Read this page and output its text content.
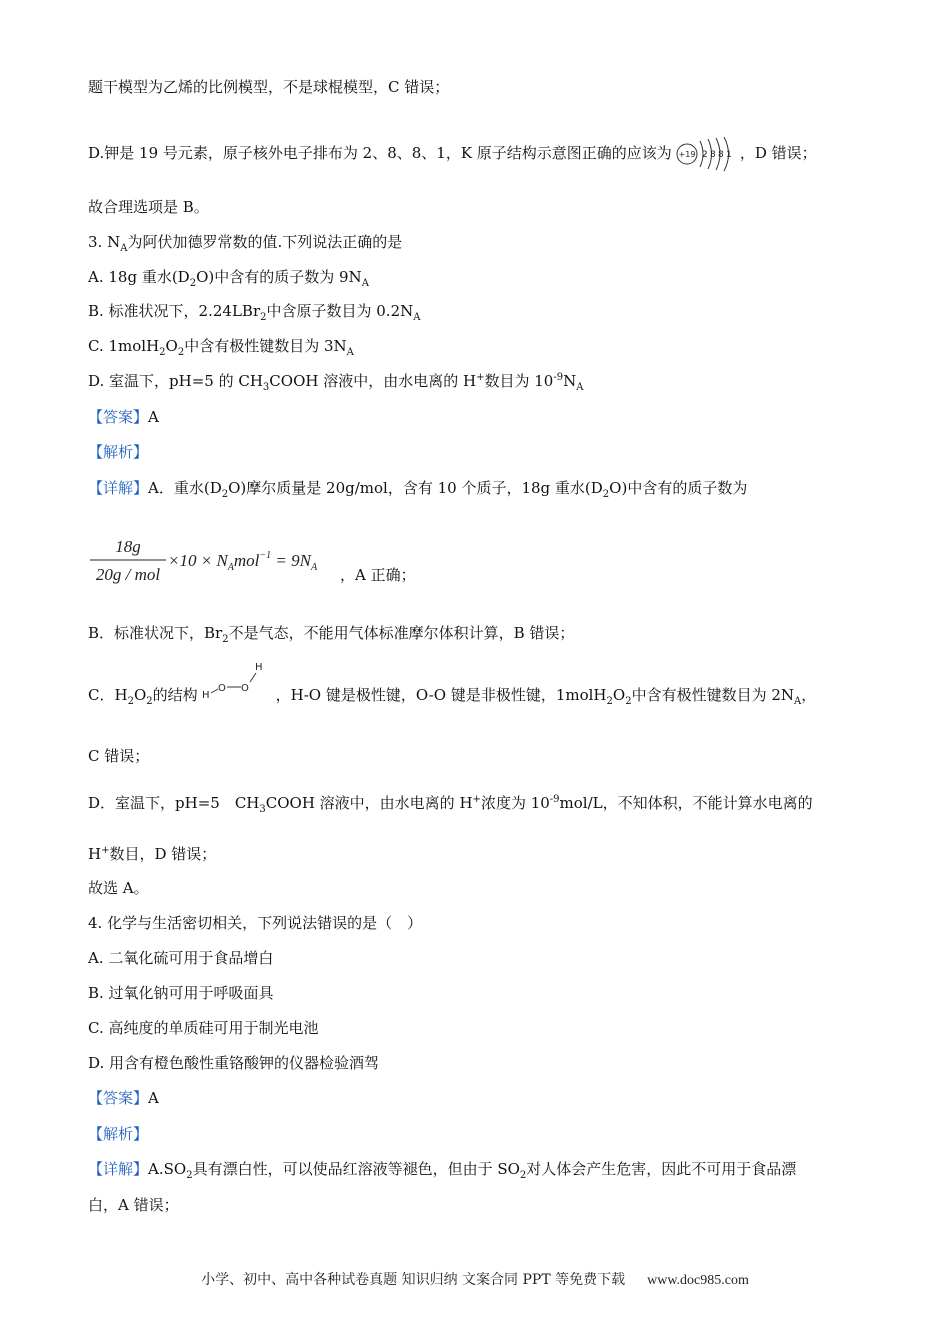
题干模型为乙烯的比例模型，不是球棍模型，C 错误；
D.钾是 19 号元素，原子核外电子排布为 2、8、8、1，K 原子结构示意图正确的应该为 +19 2 8 8 1 ，D 错误；
故合理选项是 B。
3. $N_A$为阿伏加德罗常数的值.下列说法正确的是
A. 18g 重水$(D_2O)$中含有的质子数为 $9N_A$
B. 标准状况下，2.24LBr$_2$中含原子数目为 $0.2N_A$
C. $1molH_2O_2$中含有极性键数目为 $3N_A$
D. 室温下，pH=5 的 $CH_3COOH$ 溶液中，由水电离的 H+数目为 $10^{-9}N_A$
【答案】A
【解析】
【详解】A．重水$(D_2O)$摩尔质量是 20g/mol，含有 10 个质子，18g 重水$(D_2O)$中含有的质子数为
18g
20g / mol
$\times 10 \times N_Amol^{-1} = 9N_A$ ，A 正确；
B．标准状况下，$Br_2$不是气态，不能用气体标准摩尔体积计算，B 错误；
C．$H_2O_2$的结构 H
O O
H
，H-O 键是极性键，O-O 键是非极性键，$1molH_2O_2$中含有极性键数目为 $2N_A$，
C 错误；
D．室温下，pH=5　$CH_3COOH$ 溶液中，由水电离的 H+浓度为 $10^{-9}mol/L$，不知体积，不能计算水电离的
H+数目，D 错误；
故选 A。
4. 化学与生活密切相关，下列说法错误的是（　）
A. 二氧化硫可用于食品增白
B. 过氧化钠可用于呼吸面具
C. 高纯度的单质硅可用于制光电池
D. 用含有橙色酸性重铬酸钾的仪器检验酒驾
【答案】A
【解析】
【详解】$A.SO_2$具有漂白性，可以使品红溶液等褪色，但由于 $SO_2$对人体会产生危害，因此不可用于食品漂
白，A 错误；
小学、初中、高中各种试卷真题 知识归纳 文案合同 PPT 等免费下载 www.doc985.com
